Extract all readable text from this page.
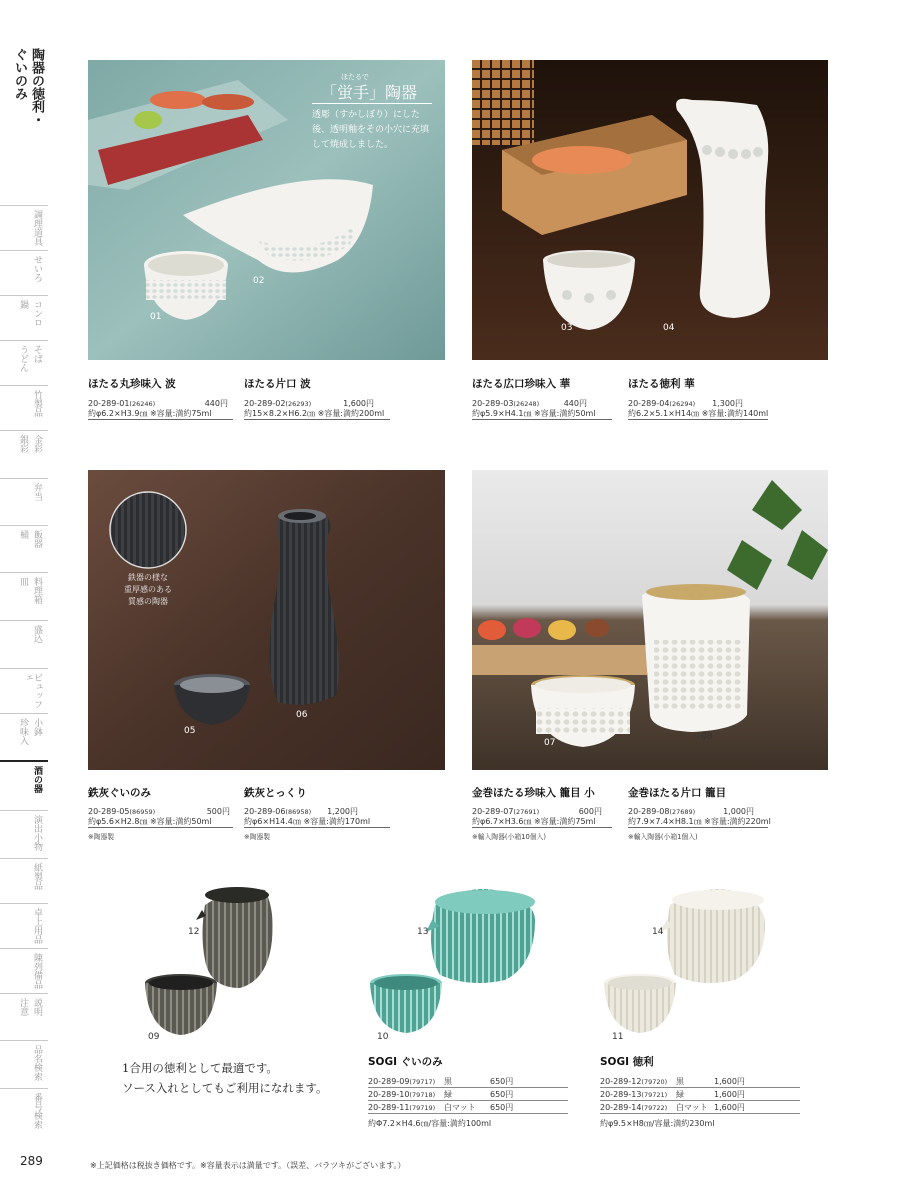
陶器の徳利・
ぐいのみ
調理道具
せいろ
コンロ
鍋
そば
うどん
竹製品
金彩
銀彩
弁当
飯器
桶
料理箱
皿
盛込
ビュッフェ
小鉢
珍味入
酒の器
演出小物
紙製品
卓上用品
陳列備品
説明
注意
品名検索
番号検索
289
ほたるで
「蛍手」陶器
透彫（すかしぼり）にした後、透明釉をその小穴に充填して焼成しました。
01
02
03	04
ほたる丸珍味入 波
20-289-01(26246)	440円
約φ6.2×H3.9㎝ ※容量:満約75ml
ほたる片口 波
20-289-02(26293)	1,600円
約15×8.2×H6.2㎝ ※容量:満約200ml
ほたる広口珍味入 華
20-289-03(26248)	440円
約φ5.9×H4.1㎝ ※容量:満約50ml
ほたる徳利 華
20-289-04(26294) 1,300円
約6.2×5.1×H14㎝ ※容量:満約140ml
鉄器の様な
重厚感のある
質感の陶器
05
06
07
08
鉄灰ぐいのみ
20-289-05(86959)	500円
約φ5.6×H2.8㎝ ※容量:満約50ml
※陶器製
鉄灰とっくり
20-289-06(86958) 1,200円
約φ6×H14.4㎝ ※容量:満約170ml
※陶器製
金巻ほたる珍味入 籠目 小
20-289-07(27691)	600円
約φ6.7×H3.6㎝ ※容量:満約75ml
※輸入陶器(小箱10個入)
金巻ほたる片口 籠目
20-289-08(27689)	1,000円
約7.9×7.4×H8.1㎝ ※容量:満約220ml
※輸入陶器(小箱1個入)
12
09
13
10
14
11
1合用の徳利として最適です。
ソース入れとしてもご利用になれます。
SOGI ぐいのみ
20-289-09(79717) 黒	650円
20-289-10(79718) 緑	650円
20-289-11(79719) 白マット 650円
約Φ7.2×H4.6㎝/容量:満約100ml
SOGI 徳利
20-289-12(79720) 黒	1,600円
20-289-13(79721) 緑	1,600円
20-289-14(79722) 白マット 1,600円
約φ9.5×H8㎝/容量:満約230ml
※上記価格は税抜き価格です。※容量表示は満量です。（誤差、バラツキがございます。）
